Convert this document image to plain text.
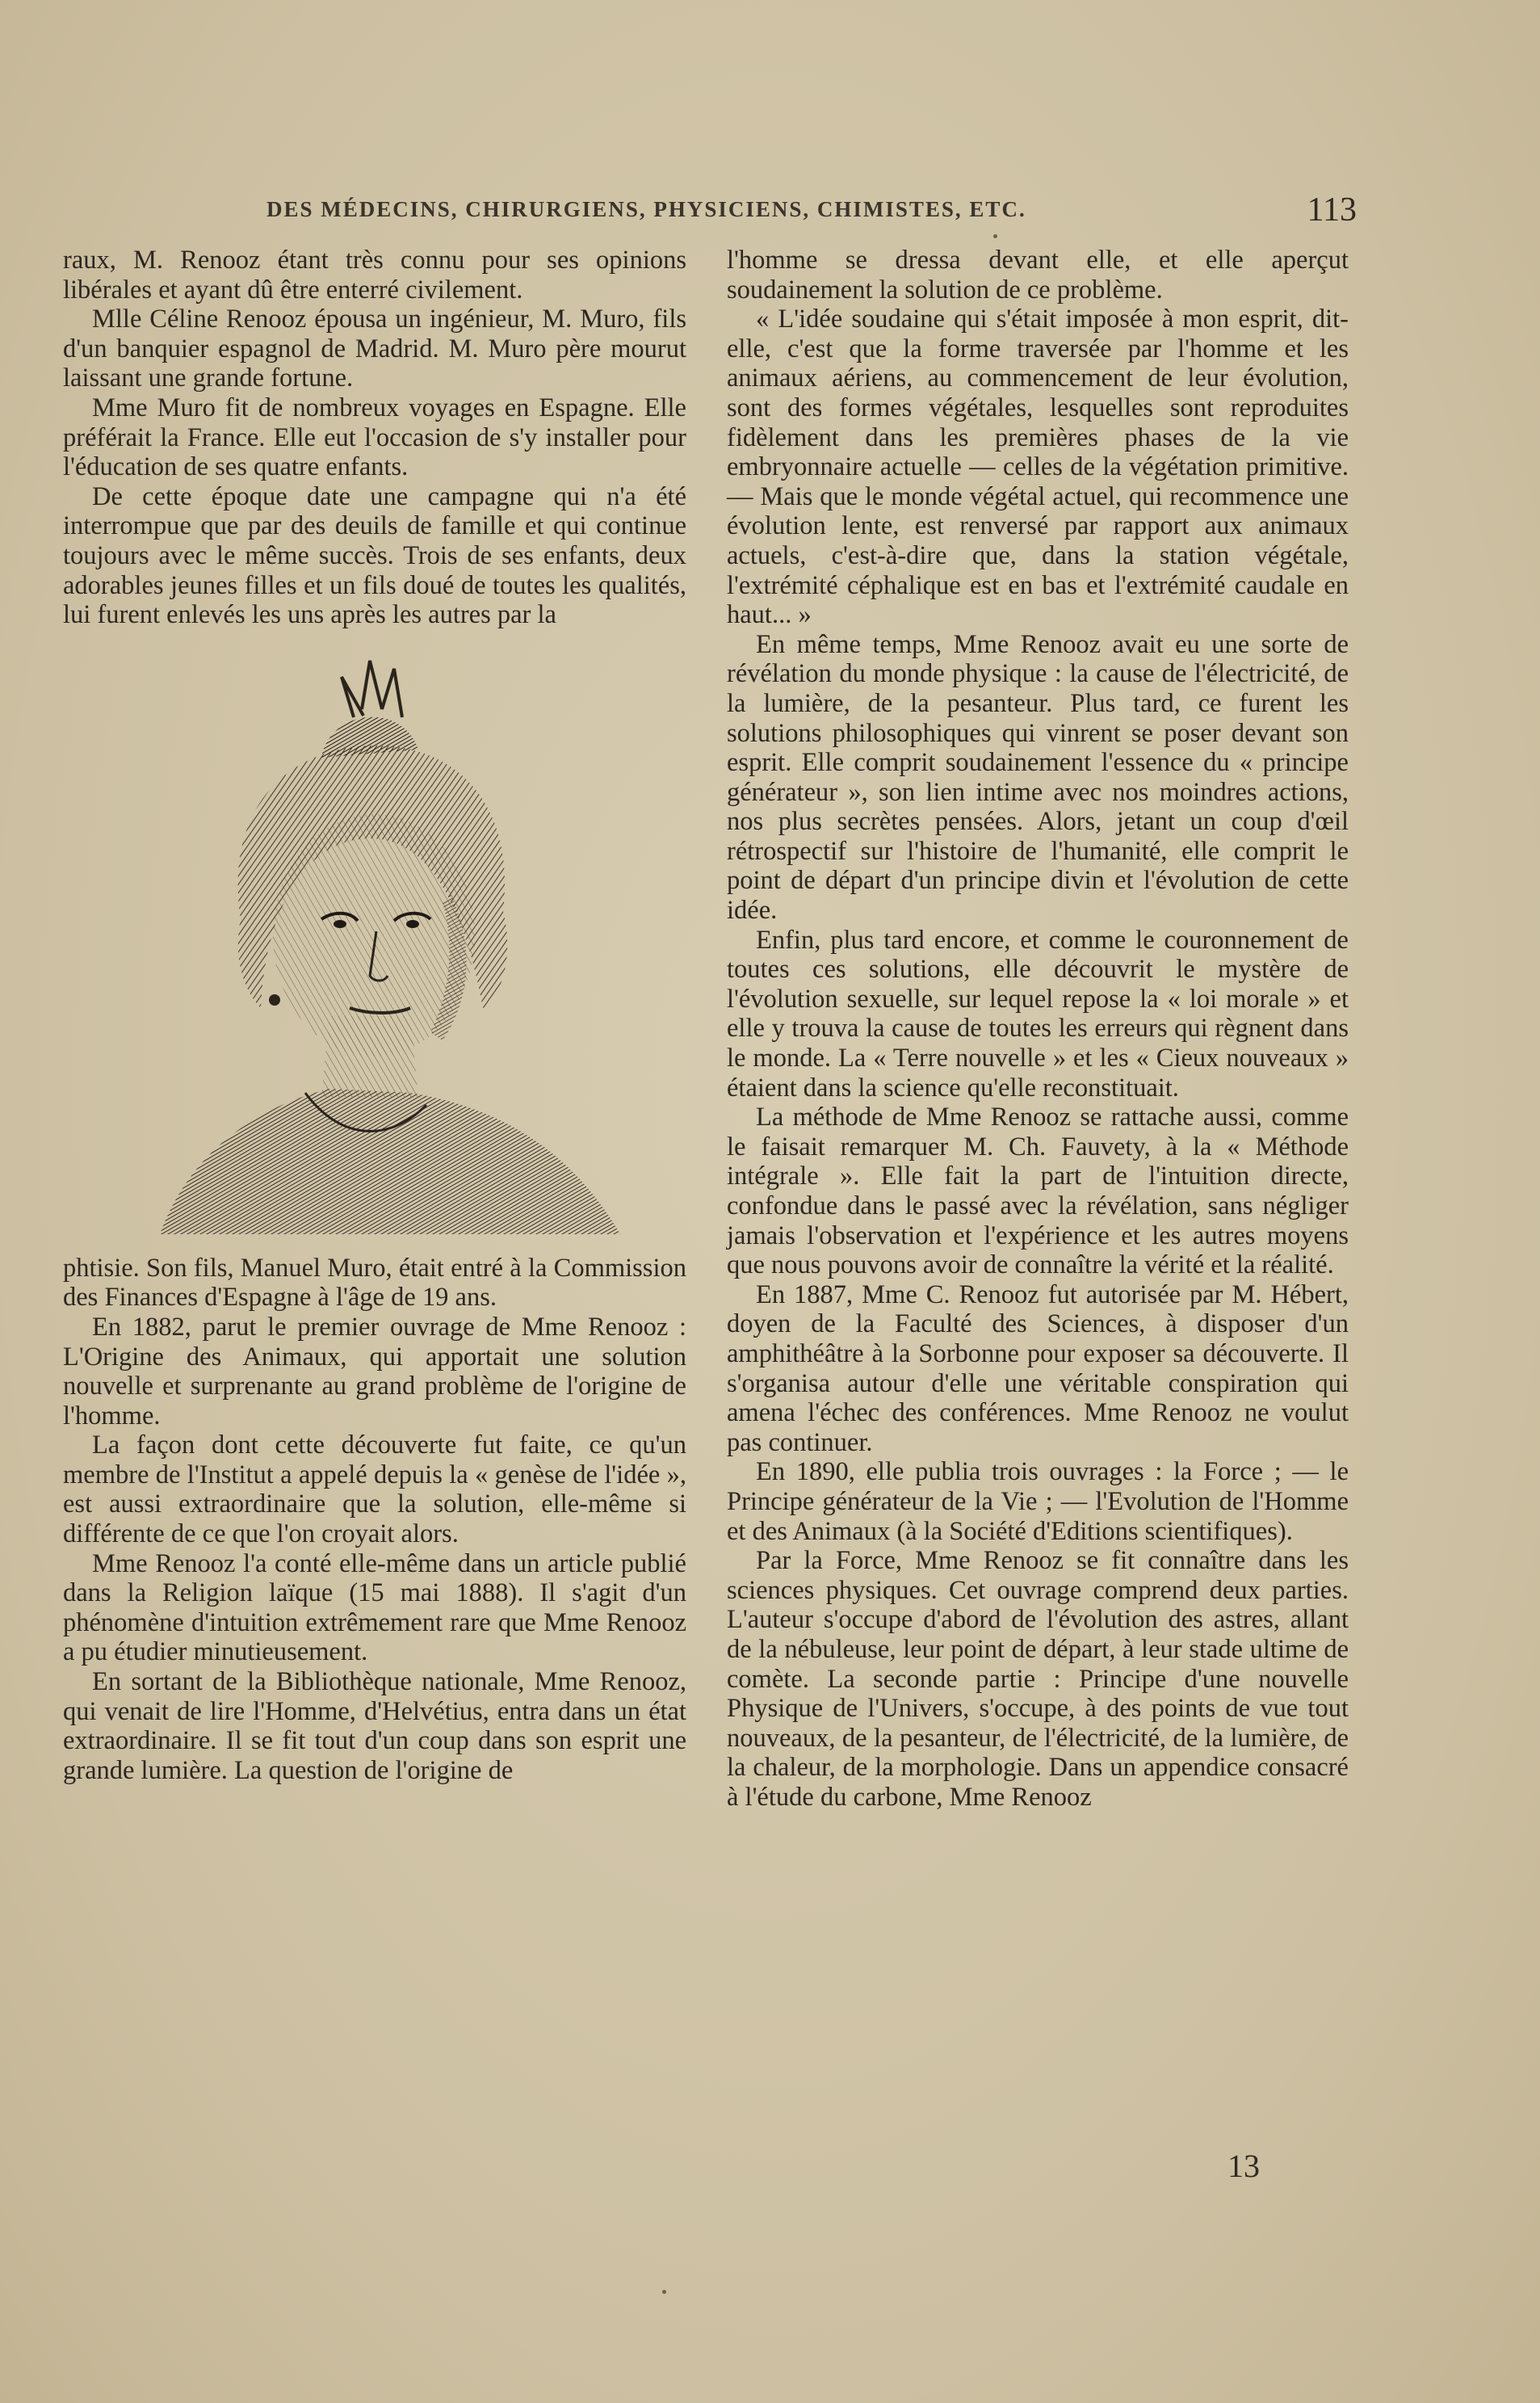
DES MÉDECINS, CHIRURGIENS, PHYSICIENS, CHIMISTES, ETC.	113

raux, M. Renooz étant très connu pour ses opinions libérales et ayant dû être enterré civilement.

Mlle Céline Renooz épousa un ingénieur, M. Muro, fils d'un banquier espagnol de Madrid. M. Muro père mourut laissant une grande fortune.

Mme Muro fit de nombreux voyages en Espagne. Elle préférait la France. Elle eut l'occasion de s'y installer pour l'éducation de ses quatre enfants.

De cette époque date une campagne qui n'a été interrompue que par des deuils de famille et qui continue toujours avec le même succès. Trois de ses enfants, deux adorables jeunes filles et un fils doué de toutes les qualités, lui furent enlevés les uns après les autres par la

phtisie. Son fils, Manuel Muro, était entré à la Commission des Finances d'Espagne à l'âge de 19 ans.

En 1882, parut le premier ouvrage de Mme Renooz : L'Origine des Animaux, qui apportait une solution nouvelle et surprenante au grand problème de l'origine de l'homme.

La façon dont cette découverte fut faite, ce qu'un membre de l'Institut a appelé depuis la « genèse de l'idée », est aussi extraordinaire que la solution, elle-même si différente de ce que l'on croyait alors.

Mme Renooz l'a conté elle-même dans un article publié dans la Religion laïque (15 mai 1888). Il s'agit d'un phénomène d'intuition extrêmement rare que Mme Renooz a pu étudier minutieusement.

En sortant de la Bibliothèque nationale, Mme Renooz, qui venait de lire l'Homme, d'Helvétius, entra dans un état extraordinaire. Il se fit tout d'un coup dans son esprit une grande lumière. La question de l'origine de

l'homme se dressa devant elle, et elle aperçut soudainement la solution de ce problème.

« L'idée soudaine qui s'était imposée à mon esprit, dit-elle, c'est que la forme traversée par l'homme et les animaux aériens, au commencement de leur évolution, sont des formes végétales, lesquelles sont reproduites fidèlement dans les premières phases de la vie embryonnaire actuelle — celles de la végétation primitive. — Mais que le monde végétal actuel, qui recommence une évolution lente, est renversé par rapport aux animaux actuels, c'est-à-dire que, dans la station végétale, l'extrémité céphalique est en bas et l'extrémité caudale en haut... »

En même temps, Mme Renooz avait eu une sorte de révélation du monde physique : la cause de l'électricité, de la lumière, de la pesanteur. Plus tard, ce furent les solutions philosophiques qui vinrent se poser devant son esprit. Elle comprit soudainement l'essence du « principe générateur », son lien intime avec nos moindres actions, nos plus secrètes pensées. Alors, jetant un coup d'œil rétrospectif sur l'histoire de l'humanité, elle comprit le point de départ d'un principe divin et l'évolution de cette idée.

Enfin, plus tard encore, et comme le couronnement de toutes ces solutions, elle découvrit le mystère de l'évolution sexuelle, sur lequel repose la « loi morale » et elle y trouva la cause de toutes les erreurs qui règnent dans le monde. La « Terre nouvelle » et les « Cieux nouveaux » étaient dans la science qu'elle reconstituait.

La méthode de Mme Renooz se rattache aussi, comme le faisait remarquer M. Ch. Fauvety, à la « Méthode intégrale ». Elle fait la part de l'intuition directe, confondue dans le passé avec la révélation, sans négliger jamais l'observation et l'expérience et les autres moyens que nous pouvons avoir de connaître la vérité et la réalité.

En 1887, Mme C. Renooz fut autorisée par M. Hébert, doyen de la Faculté des Sciences, à disposer d'un amphithéâtre à la Sorbonne pour exposer sa découverte. Il s'organisa autour d'elle une véritable conspiration qui amena l'échec des conférences. Mme Renooz ne voulut pas continuer.

En 1890, elle publia trois ouvrages : la Force ; — le Principe générateur de la Vie ; — l'Evolution de l'Homme et des Animaux (à la Société d'Editions scientifiques).

Par la Force, Mme Renooz se fit connaître dans les sciences physiques. Cet ouvrage comprend deux parties. L'auteur s'occupe d'abord de l'évolution des astres, allant de la nébuleuse, leur point de départ, à leur stade ultime de comète. La seconde partie : Principe d'une nouvelle Physique de l'Univers, s'occupe, à des points de vue tout nouveaux, de la pesanteur, de l'électricité, de la lumière, de la chaleur, de la morphologie. Dans un appendice consacré à l'étude du carbone, Mme Renooz

13
